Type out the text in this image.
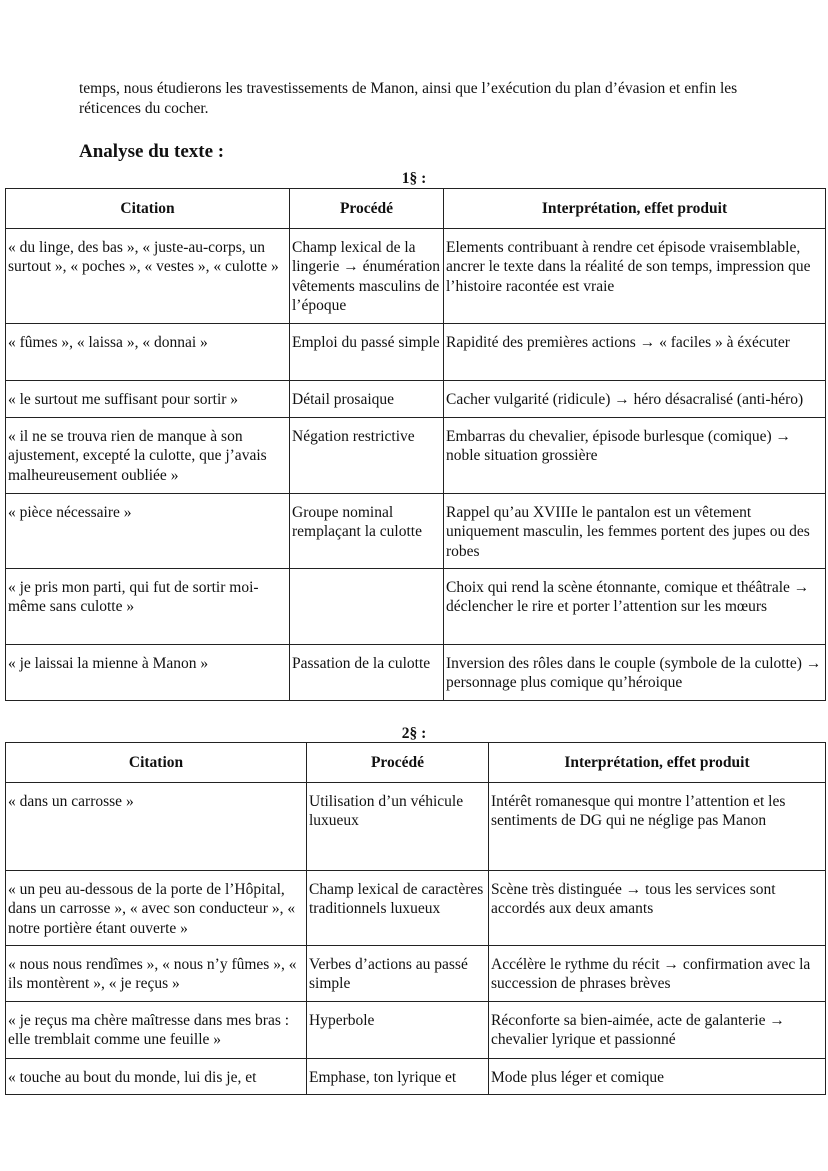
temps, nous étudierons les travestissements de Manon, ainsi que l’exécution du plan d’évasion et enfin les réticences du cocher.

Analyse du texte :

1§ :

Citation	Procédé	Interprétation, effet produit
« du linge, des bas », « juste-au-corps, un surtout », « poches », « vestes », « culotte »	Champ lexical de la lingerie → énumération vêtements masculins de l’époque	Elements contribuant à rendre cet épisode vraisemblable, ancrer le texte dans la réalité de son temps, impression que l’histoire racontée est vraie
« fûmes », « laissa », « donnai »	Emploi du passé simple	Rapidité des premières actions → « faciles » à éxécuter
« le surtout me suffisant pour sortir »	Détail prosaique	Cacher vulgarité (ridicule) → héro désacralisé (anti-héro)
« il ne se trouva rien de manque à son ajustement, excepté la culotte, que j’avais malheureusement oubliée »	Négation restrictive	Embarras du chevalier, épisode burlesque (comique) → noble situation grossière
« pièce nécessaire »	Groupe nominal remplaçant la culotte	Rappel qu’au XVIIIe le pantalon est un vêtement uniquement masculin, les femmes portent des jupes ou des robes
« je pris mon parti, qui fut de sortir moi-même sans culotte »		Choix qui rend la scène étonnante, comique et théâtrale → déclencher le rire et porter l’attention sur les mœurs
« je laissai la mienne à Manon »	Passation de la culotte	Inversion des rôles dans le couple (symbole de la culotte) → personnage plus comique qu’héroique

2§ :

Citation	Procédé	Interprétation, effet produit
« dans un carrosse »	Utilisation d’un véhicule luxueux	Intérêt romanesque qui montre l’attention et les sentiments de DG qui ne néglige pas Manon
« un peu au-dessous de la porte de l’Hôpital, dans un carrosse », « avec son conducteur », « notre portière étant ouverte »	Champ lexical de caractères traditionnels luxueux	Scène très distinguée → tous les services sont accordés aux deux amants
« nous nous rendîmes », « nous n’y fûmes », « ils montèrent », « je reçus »	Verbes d’actions au passé simple	Accélère le rythme du récit → confirmation avec la succession de phrases brèves
« je reçus ma chère maîtresse dans mes bras : elle tremblait comme une feuille »	Hyperbole	Réconforte sa bien-aimée, acte de galanterie → chevalier lyrique et passionné
« touche au bout du monde, lui dis je, et	Emphase, ton lyrique et	Mode plus léger et comique
